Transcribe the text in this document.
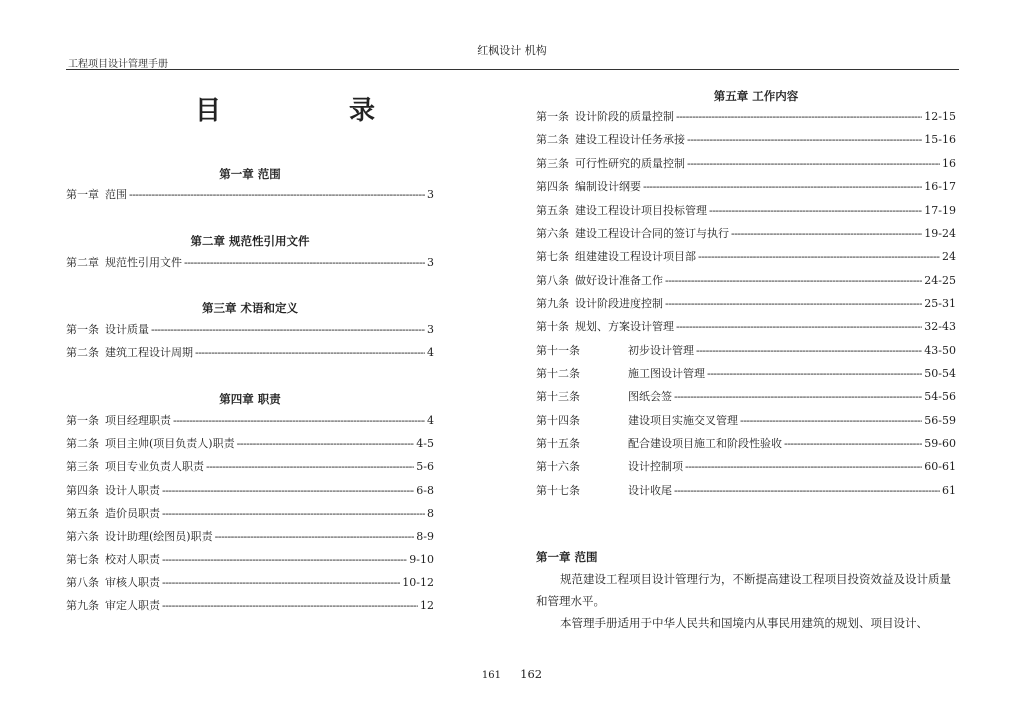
红枫设计 机构
工程项目设计管理手册
目	录
第一章 范围
第一章 范围 -----	3
第二章 规范性引用文件
第二章 规范性引用文件 -----	3
第三章 术语和定义
第一条 设计质量 -----	3
第二条 建筑工程设计周期 -----	4
第四章 职责
第一条 项目经理职责 -----	4
第二条 项目主帅(项目负责人)职责 -----	4-5
第三条 项目专业负责人职责 -----	5-6
第四条 设计人职责 -----	6-8
第五条 造价员职责 -----	8
第六条 设计助理(绘图员)职责 -----	8-9
第七条 校对人职责 -----	9-10
第八条 审核人职责 -----	10-12
第九条 审定人职责 -----	12
第五章 工作内容
第一条 设计阶段的质量控制 -----	12-15
第二条 建设工程设计任务承接 -----	15-16
第三条 可行性研究的质量控制 -----	16
第四条 编制设计纲要 -----	16-17
第五条 建设工程设计项目投标管理 -----	17-19
第六条 建设工程设计合同的签订与执行 -----	19-24
第七条 组建建设工程设计项目部 -----	24
第八条 做好设计准备工作 -----	24-25
第九条 设计阶段进度控制 -----	25-31
第十条 规划、方案设计管理 -----	32-43
第十一条	初步设计管理 -----	43-50
第十二条	施工图设计管理 -----	50-54
第十三条	图纸会签 -----	54-56
第十四条	建设项目实施交叉管理 -----	56-59
第十五条	配合建设项目施工和阶段性验收 -----	59-60
第十六条	设计控制项 -----	60-61
第十七条	设计收尾 -----	61
第一章 范围
规范建设工程项目设计管理行为，不断提高建设工程项目投资效益及设计质量和管理水平。
本管理手册适用于中华人民共和国境内从事民用建筑的规划、项目设计、
161 162
